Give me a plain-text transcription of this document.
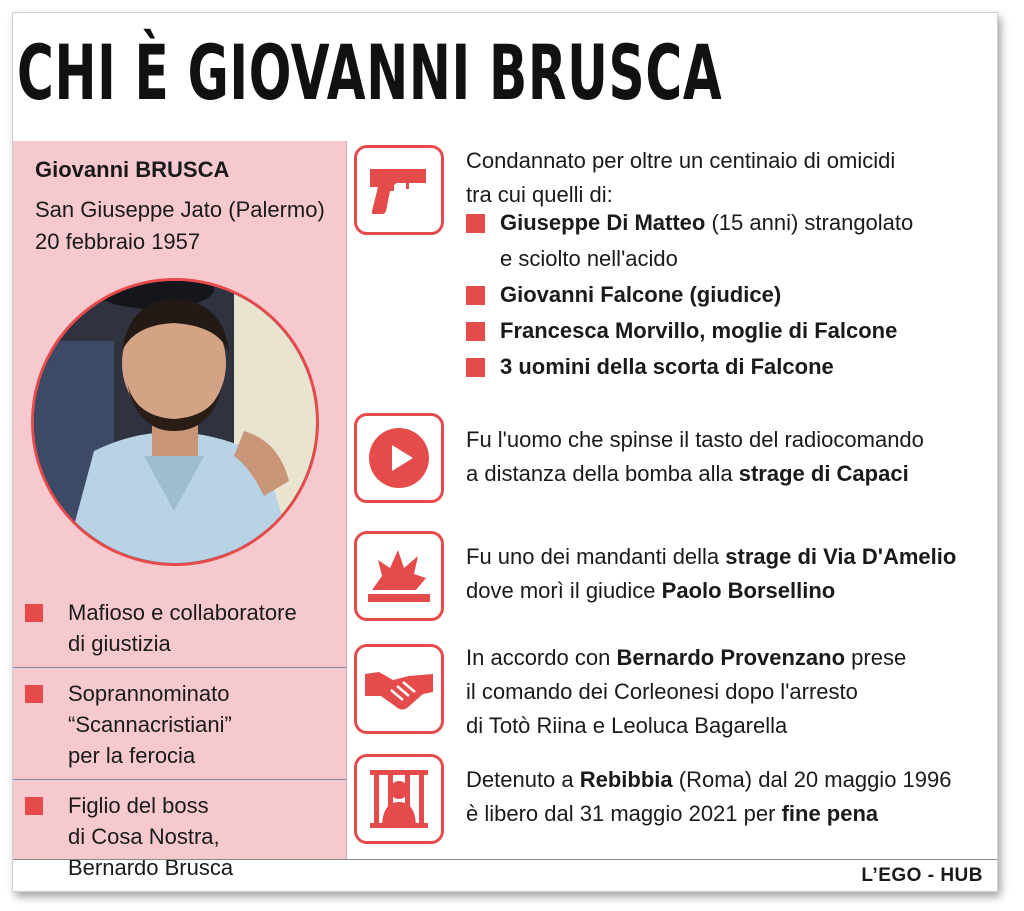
CHI È GIOVANNI BRUSCA
Giovanni BRUSCA
San Giuseppe Jato (Palermo)
20 febbraio 1957
Mafioso e collaboratore
di giustizia
Soprannominato
“Scannacristiani”
per la ferocia
Figlio del boss
di Cosa Nostra,
Bernardo Brusca
Condannato per oltre un centinaio di omicidi
tra cui quelli di:
Giuseppe Di Matteo (15 anni) strangolato
e sciolto nell'acido
Giovanni Falcone (giudice)
Francesca Morvillo, moglie di Falcone
3 uomini della scorta di Falcone
Fu l'uomo che spinse il tasto del radiocomando
a distanza della bomba alla strage di Capaci
Fu uno dei mandanti della strage di Via D'Amelio
dove morì il giudice Paolo Borsellino
In accordo con Bernardo Provenzano prese
il comando dei Corleonesi dopo l'arresto
di Totò Riina e Leoluca Bagarella
Detenuto a Rebibbia (Roma) dal 20 maggio 1996
è libero dal 31 maggio 2021 per fine pena
L’EGO - HUB
